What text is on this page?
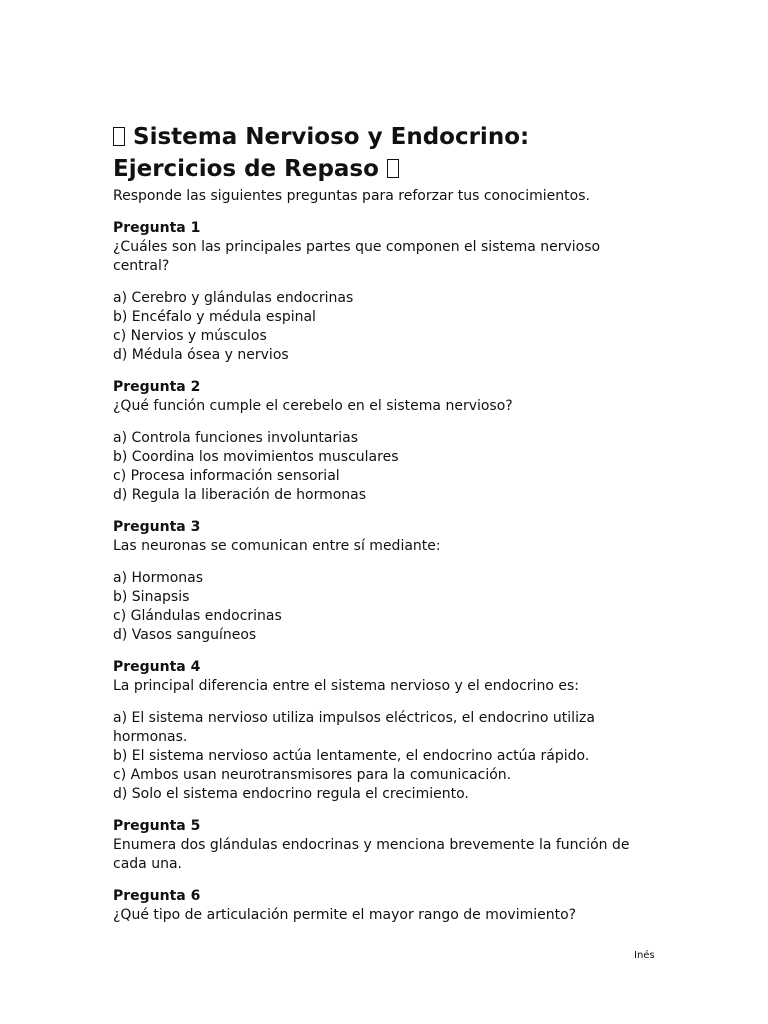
Sistema Nervioso y Endocrino: Ejercicios de Repaso
Responde las siguientes preguntas para reforzar tus conocimientos.
Pregunta 1
¿Cuáles son las principales partes que componen el sistema nervioso central?
a) Cerebro y glándulas endocrinas
b) Encéfalo y médula espinal
c) Nervios y músculos
d) Médula ósea y nervios
Pregunta 2
¿Qué función cumple el cerebelo en el sistema nervioso?
a) Controla funciones involuntarias
b) Coordina los movimientos musculares
c) Procesa información sensorial
d) Regula la liberación de hormonas
Pregunta 3
Las neuronas se comunican entre sí mediante:
a) Hormonas
b) Sinapsis
c) Glándulas endocrinas
d) Vasos sanguíneos
Pregunta 4
La principal diferencia entre el sistema nervioso y el endocrino es:
a) El sistema nervioso utiliza impulsos eléctricos, el endocrino utiliza hormonas.
b) El sistema nervioso actúa lentamente, el endocrino actúa rápido.
c) Ambos usan neurotransmisores para la comunicación.
d) Solo el sistema endocrino regula el crecimiento.
Pregunta 5
Enumera dos glándulas endocrinas y menciona brevemente la función de cada una.
Pregunta 6
¿Qué tipo de articulación permite el mayor rango de movimiento?
Inés
